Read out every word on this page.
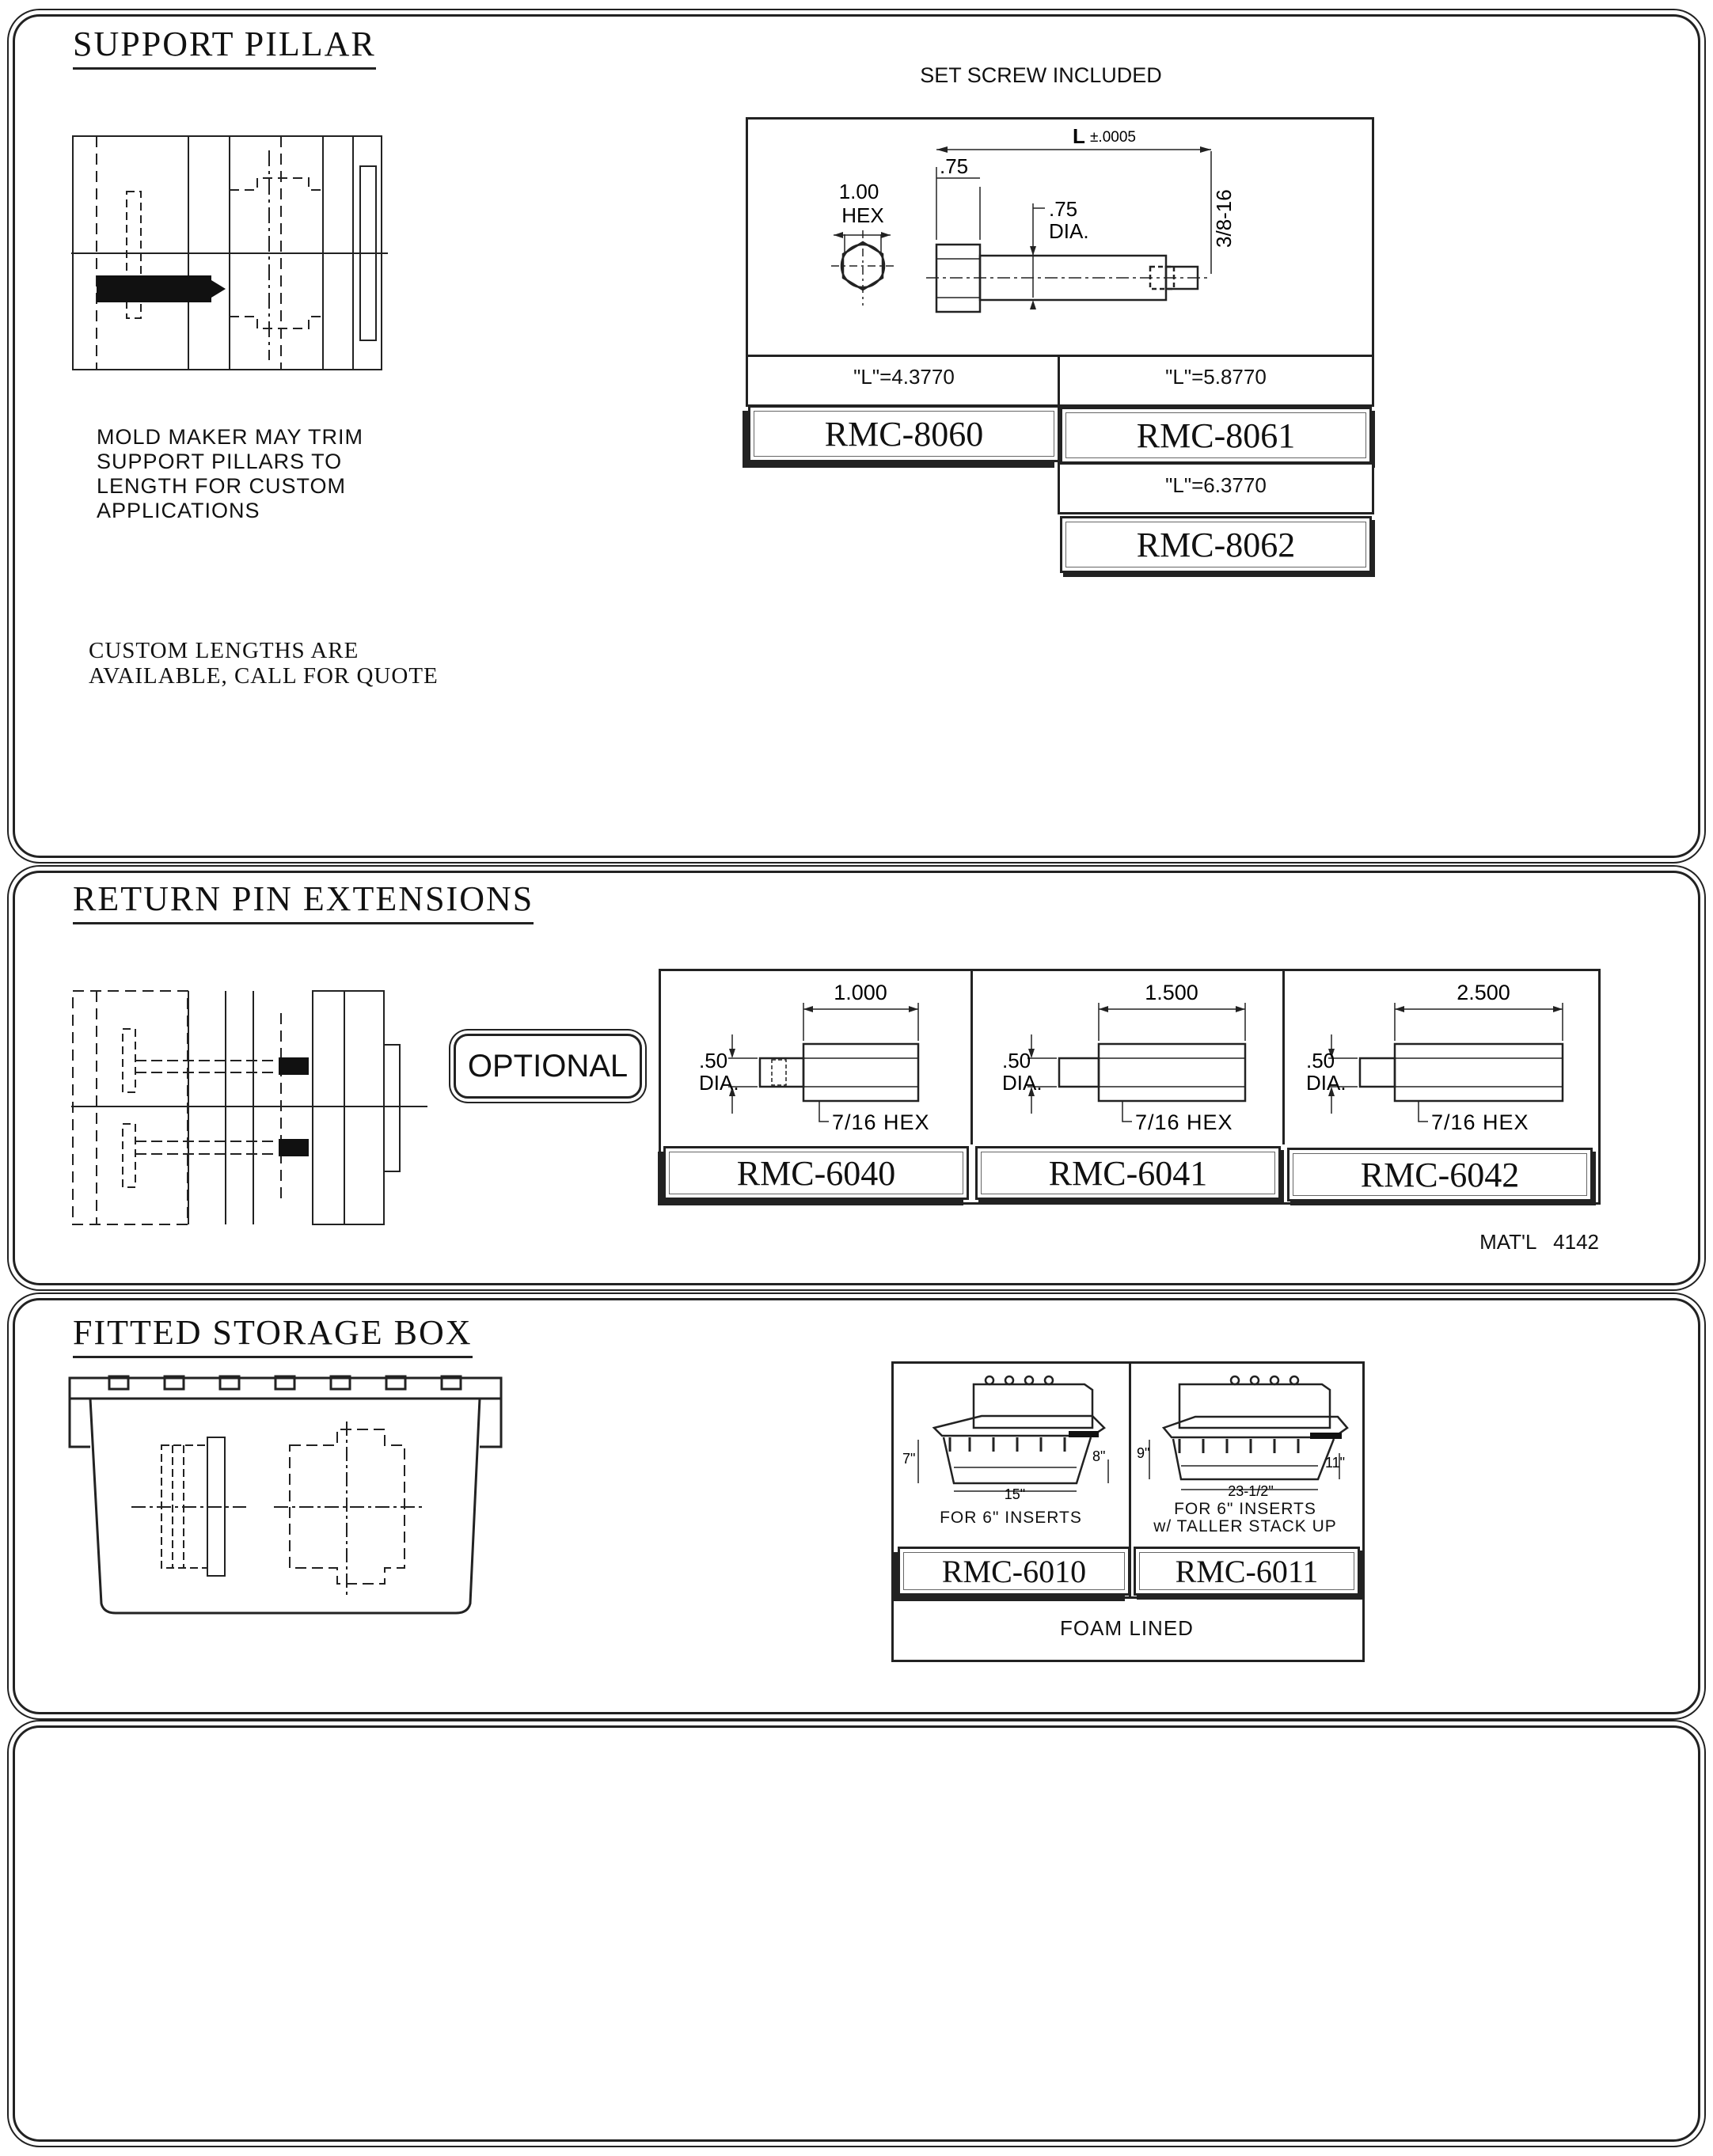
SUPPORT PILLAR
MOLD MAKER MAY TRIM
SUPPORT PILLARS TO
LENGTH FOR CUSTOM
APPLICATIONS
CUSTOM LENGTHS ARE
AVAILABLE, CALL FOR QUOTE
SET SCREW INCLUDED
L ±.0005
.75
1.00
HEX	.75
DIA.	3/8-16
"L"=4.3770	"L"=5.8770
RMC-8060	RMC-8061
"L"=6.3770
RMC-8062
RETURN PIN EXTENSIONS
OPTIONAL
1.000
.50
DIA.
7/16 HEX
1.500
.50
DIA.
7/16 HEX
2.500
.50
DIA.
7/16 HEX
RMC-6040	RMC-6041	RMC-6042
MAT'L   4142
FITTED STORAGE BOX
7"	8"
15"
FOR 6" INSERTS
9"
11"
23-1/2"
FOR 6" INSERTS
w/ TALLER STACK UP
RMC-6010	RMC-6011
FOAM LINED
